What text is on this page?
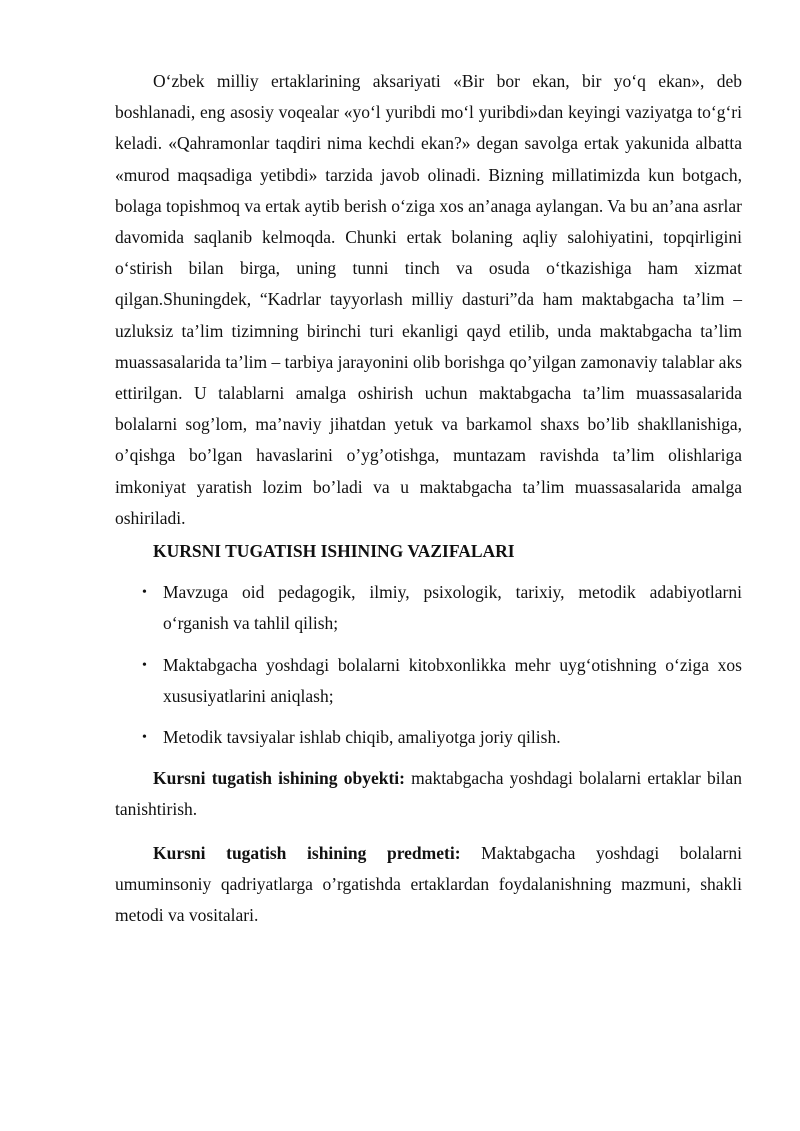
O‘zbek milliy ertaklarining aksariyati «Bir bor ekan, bir yo‘q ekan», deb boshlanadi, eng asosiy voqealar «yo‘l yuribdi mo‘l yuribdi»dan keyingi vaziyatga to‘g‘ri keladi. «Qahramonlar taqdiri nima kechdi ekan?» degan savolga ertak yakunida albatta «murod maqsadiga yetibdi» tarzida javob olinadi. Bizning millatimizda kun botgach, bolaga topishmoq va ertak aytib berish o‘ziga xos an’anaga aylangan. Va bu an’ana asrlar davomida saqlanib kelmoqda. Chunki ertak bolaning aqliy salohiyatini, topqirligini o‘stirish bilan birga, uning tunni tinch va osuda o‘tkazishiga ham xizmat qilgan.Shuningdek, “Kadrlar tayyorlash milliy dasturi”da ham maktabgacha ta’lim – uzluksiz ta’lim tizimning birinchi turi ekanligi qayd etilib, unda maktabgacha ta’lim muassasalarida ta’lim – tarbiya jarayonini olib borishga qo’yilgan zamonaviy talablar aks ettirilgan. U talablarni amalga oshirish uchun maktabgacha ta’lim muassasalarida bolalarni sog’lom, ma’naviy jihatdan yetuk va barkamol shaxs bo’lib shakllanishiga, o’qishga bo’lgan havaslarini o’yg’otishga, muntazam ravishda ta’lim olishlariga imkoniyat yaratish lozim bo’ladi va u maktabgacha ta’lim muassasalarida amalga oshiriladi.

KURSNI TUGATISH ISHINING VAZIFALARI

• Mavzuga oid pedagogik, ilmiy, psixologik, tarixiy, metodik adabiyotlarni o‘rganish va tahlil qilish;
• Maktabgacha yoshdagi bolalarni kitobxonlikka mehr uyg‘otishning o‘ziga xos xususiyatlarini aniqlash;
• Metodik tavsiyalar ishlab chiqib, amaliyotga joriy qilish.

Kursni tugatish ishining obyekti: maktabgacha yoshdagi bolalarni ertaklar bilan tanishtirish.

Kursni tugatish ishining predmeti: Maktabgacha yoshdagi bolalarni umuminsoniy qadriyatlarga o’rgatishda ertaklardan foydalanishning mazmuni, shakli metodi va vositalari.
